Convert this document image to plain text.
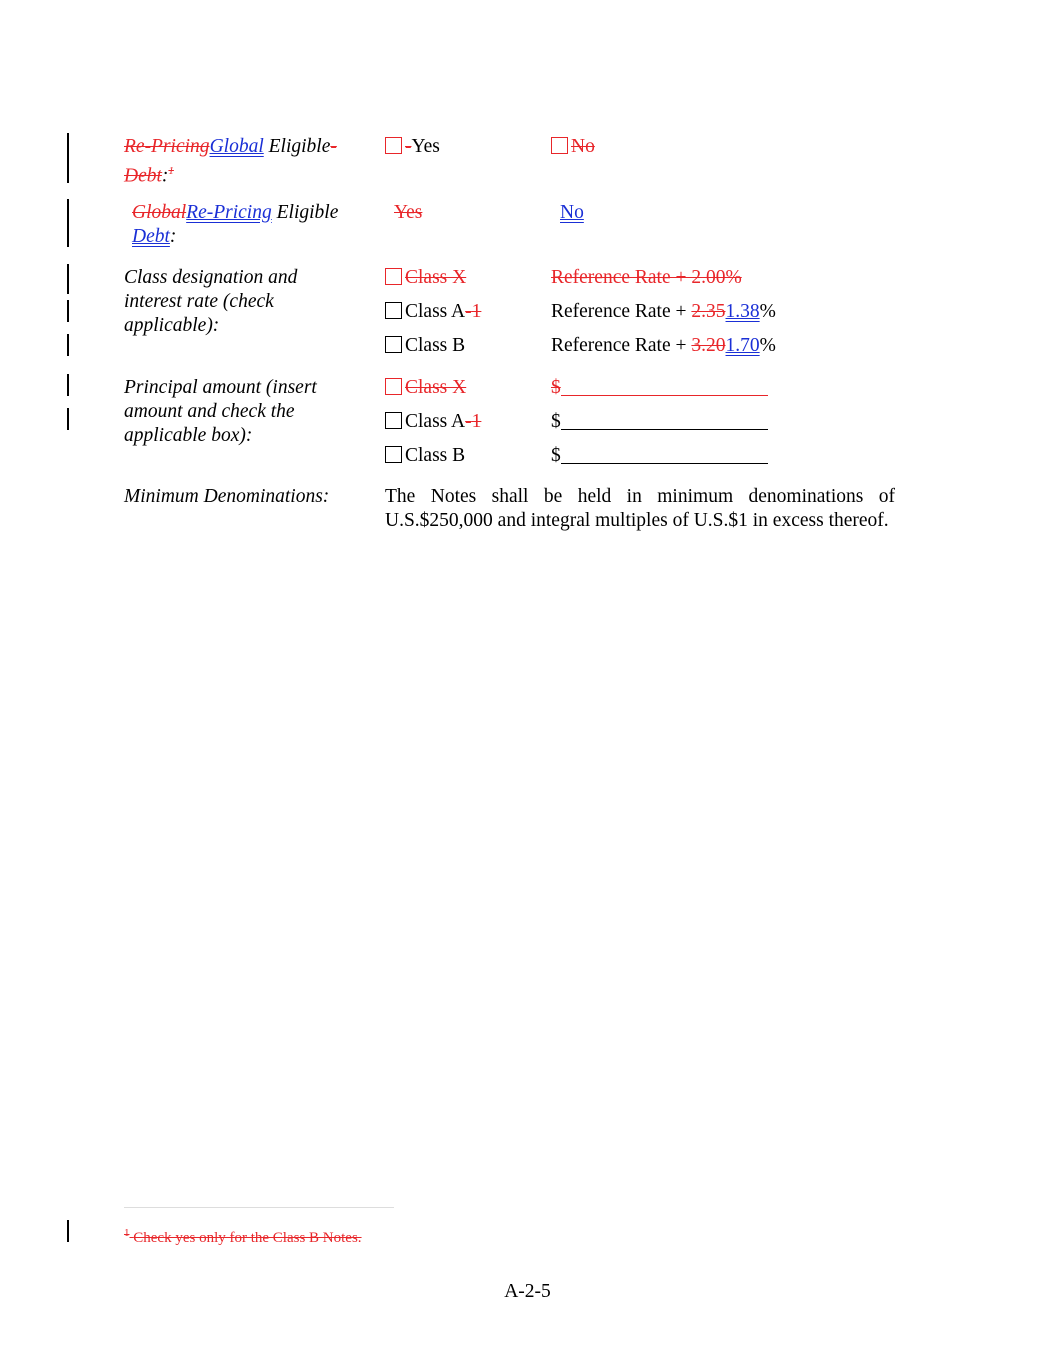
Re-PricingGlobal Eligible-
Debt:$^1$
-Yes	No
GlobalRe-Pricing Eligible
Debt:
Yes	No
Class designation and
interest rate (check
applicable):
Class X	Reference Rate + 2.00%
Class A-1	Reference Rate + 2.351.38%
Class B	Reference Rate + 3.201.70%
Principal amount (insert
amount and check the
applicable box):
Class X	$
Class A-1	$
Class B	$
Minimum Denominations:	The Notes shall be held in minimum denominations of U.S.$250,000 and integral multiples of U.S.$1 in excess thereof.
$^1$ Check yes only for the Class B Notes.
A-2-5
